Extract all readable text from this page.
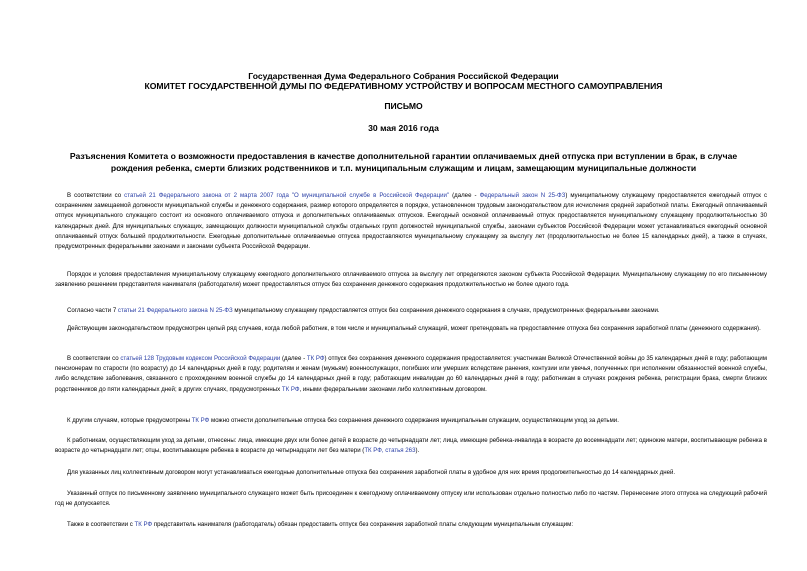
Государственная Дума Федерального Собрания Российской Федерации
КОМИТЕТ ГОСУДАРСТВЕННОЙ ДУМЫ ПО ФЕДЕРАТИВНОМУ УСТРОЙСТВУ И ВОПРОСАМ МЕСТНОГО САМОУПРАВЛЕНИЯ
ПИСЬМО
30 мая 2016 года
Разъяснения Комитета о возможности предоставления в качестве дополнительной гарантии оплачиваемых дней отпуска при вступлении в брак, в случае рождения ребенка, смерти близких родственников и т.п. муниципальным служащим и лицам, замещающим муниципальные должности

В соответствии со статьей 21 Федерального закона от 2 марта 2007 года "О муниципальной службе в Российской Федерации" (далее - Федеральный закон N 25-ФЗ) муниципальному служащему предоставляется ежегодный отпуск с сохранением замещаемой должности муниципальной службы и денежного содержания, размер которого определяется в порядке, установленном трудовым законодательством для исчисления средней заработной платы. Ежегодный оплачиваемый отпуск муниципального служащего состоит из основного оплачиваемого отпуска и дополнительных оплачиваемых отпусков. Ежегодный основной оплачиваемый отпуск предоставляется муниципальному служащему продолжительностью 30 календарных дней. Для муниципальных служащих, замещающих должности муниципальной службы отдельных групп должностей муниципальной службы, законами субъектов Российской Федерации может устанавливаться ежегодный основной оплачиваемый отпуск большей продолжительности. Ежегодные дополнительные оплачиваемые отпуска предоставляются муниципальному служащему за выслугу лет (продолжительностью не более 15 календарных дней), а также в случаях, предусмотренных федеральными законами и законами субъекта Российской Федерации.

Порядок и условия предоставления муниципальному служащему ежегодного дополнительного оплачиваемого отпуска за выслугу лет определяются законом субъекта Российской Федерации. Муниципальному служащему по его письменному заявлению решением представителя нанимателя (работодателя) может предоставляться отпуск без сохранения денежного содержания продолжительностью не более одного года.

Согласно части 7 статьи 21 Федерального закона N 25-ФЗ муниципальному служащему предоставляется отпуск без сохранения денежного содержания в случаях, предусмотренных федеральными законами.

Действующим законодательством предусмотрен целый ряд случаев, когда любой работник, в том числе и муниципальный служащий, может претендовать на предоставление отпуска без сохранения заработной платы (денежного содержания).

В соответствии со статьей 128 Трудовым кодексом Российской Федерации (далее - ТК РФ) отпуск без сохранения денежного содержания предоставляется: участникам Великой Отечественной войны до 35 календарных дней в году; работающим пенсионерам по старости (по возрасту) до 14 календарных дней в году; родителям и женам (мужьям) военнослужащих, погибших или умерших вследствие ранения, контузии или увечья, полученных при исполнении обязанностей военной службы, либо вследствие заболевания, связанного с прохождением военной службы до 14 календарных дней в году; работающим инвалидам до 60 календарных дней в году; работникам в случаях рождения ребенка, регистрации брака, смерти близких родственников до пяти календарных дней; в других случаях, предусмотренных ТК РФ, иными федеральными законами либо коллективным договором.

К другим случаям, которые предусмотрены ТК РФ можно отнести дополнительные отпуска без сохранения денежного содержания муниципальным служащим, осуществляющим уход за детьми.

К работникам, осуществляющим уход за детьми, отнесены: лица, имеющие двух или более детей в возрасте до четырнадцати лет; лица, имеющие ребенка-инвалида в возрасте до восемнадцати лет; одинокие матери, воспитывающие ребенка в возрасте до четырнадцати лет; отцы, воспитывающие ребенка в возрасте до четырнадцати лет без матери (ТК РФ, статья 263).

Для указанных лиц коллективным договором могут устанавливаться ежегодные дополнительные отпуска без сохранения заработной платы в удобное для них время продолжительностью до 14 календарных дней.

Указанный отпуск по письменному заявлению муниципального служащего может быть присоединен к ежегодному оплачиваемому отпуску или использован отдельно полностью либо по частям. Перенесение этого отпуска на следующий рабочий год не допускается.

Также в соответствии с ТК РФ представитель нанимателя (работодатель) обязан предоставить отпуск без сохранения заработной платы следующим муниципальным служащим:
